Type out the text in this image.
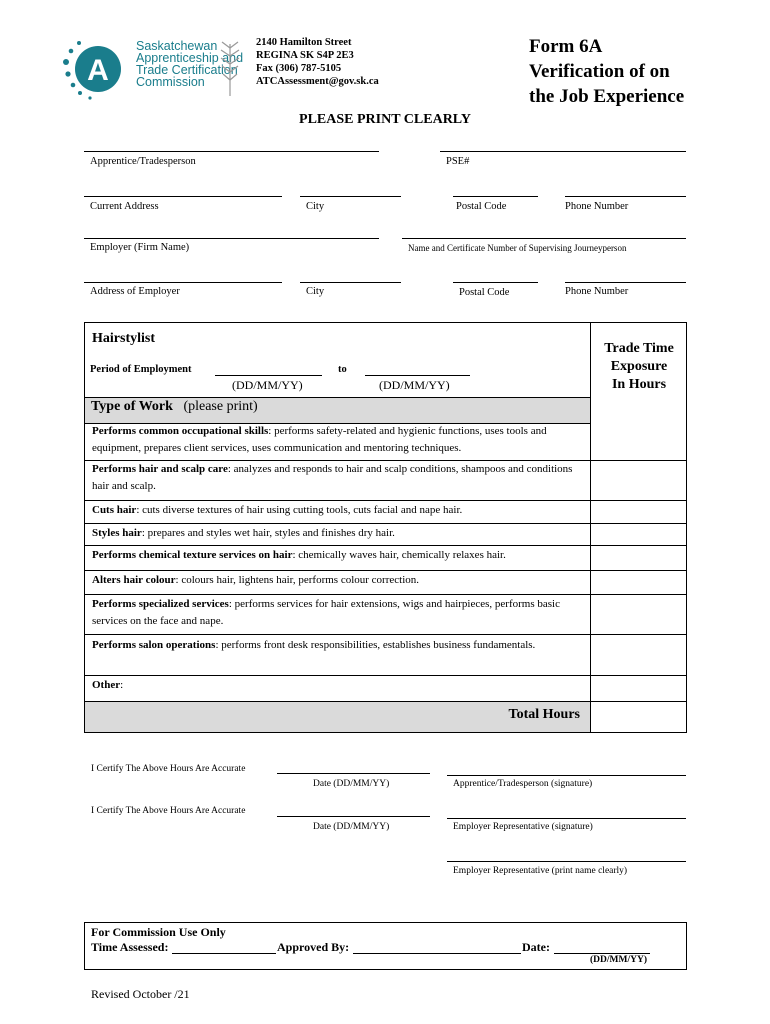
A
Saskatchewan
Apprenticeship and
Trade Certification
Commission
2140 Hamilton Street
REGINA SK S4P 2E3
Fax (306) 787-5105
ATCAssessment@gov.sk.ca
Form 6A
Verification of on
the Job Experience
PLEASE PRINT CLEARLY
Apprentice/Tradesperson	PSE#
Current Address	City	Postal Code	Phone Number
Employer (Firm Name)	Name and Certificate Number of Supervising Journeyperson
Address of Employer	City	Postal Code	Phone Number
Hairstylist
Period of Employment	to
(DD/MM/YY)	(DD/MM/YY)
Trade Time
Exposure
In Hours
Type of Work (please print)
Performs common occupational skills: performs safety-related and hygienic functions, uses tools and equipment, prepares client services, uses communication and mentoring techniques.
Performs hair and scalp care: analyzes and responds to hair and scalp conditions, shampoos and conditions hair and scalp.
Cuts hair: cuts diverse textures of hair using cutting tools, cuts facial and nape hair.
Styles hair: prepares and styles wet hair, styles and finishes dry hair.
Performs chemical texture services on hair: chemically waves hair, chemically relaxes hair.
Alters hair colour: colours hair, lightens hair, performs colour correction.
Performs specialized services: performs services for hair extensions, wigs and hairpieces, performs basic services on the face and nape.
Performs salon operations: performs front desk responsibilities, establishes business fundamentals.
Other:
Total Hours
I Certify The Above Hours Are Accurate
Date (DD/MM/YY)	Apprentice/Tradesperson (signature)
I Certify The Above Hours Are Accurate
Date (DD/MM/YY)	Employer Representative (signature)
Employer Representative (print name clearly)
For Commission Use Only
Time Assessed:	Approved By:	Date:
(DD/MM/YY)
Revised October /21
